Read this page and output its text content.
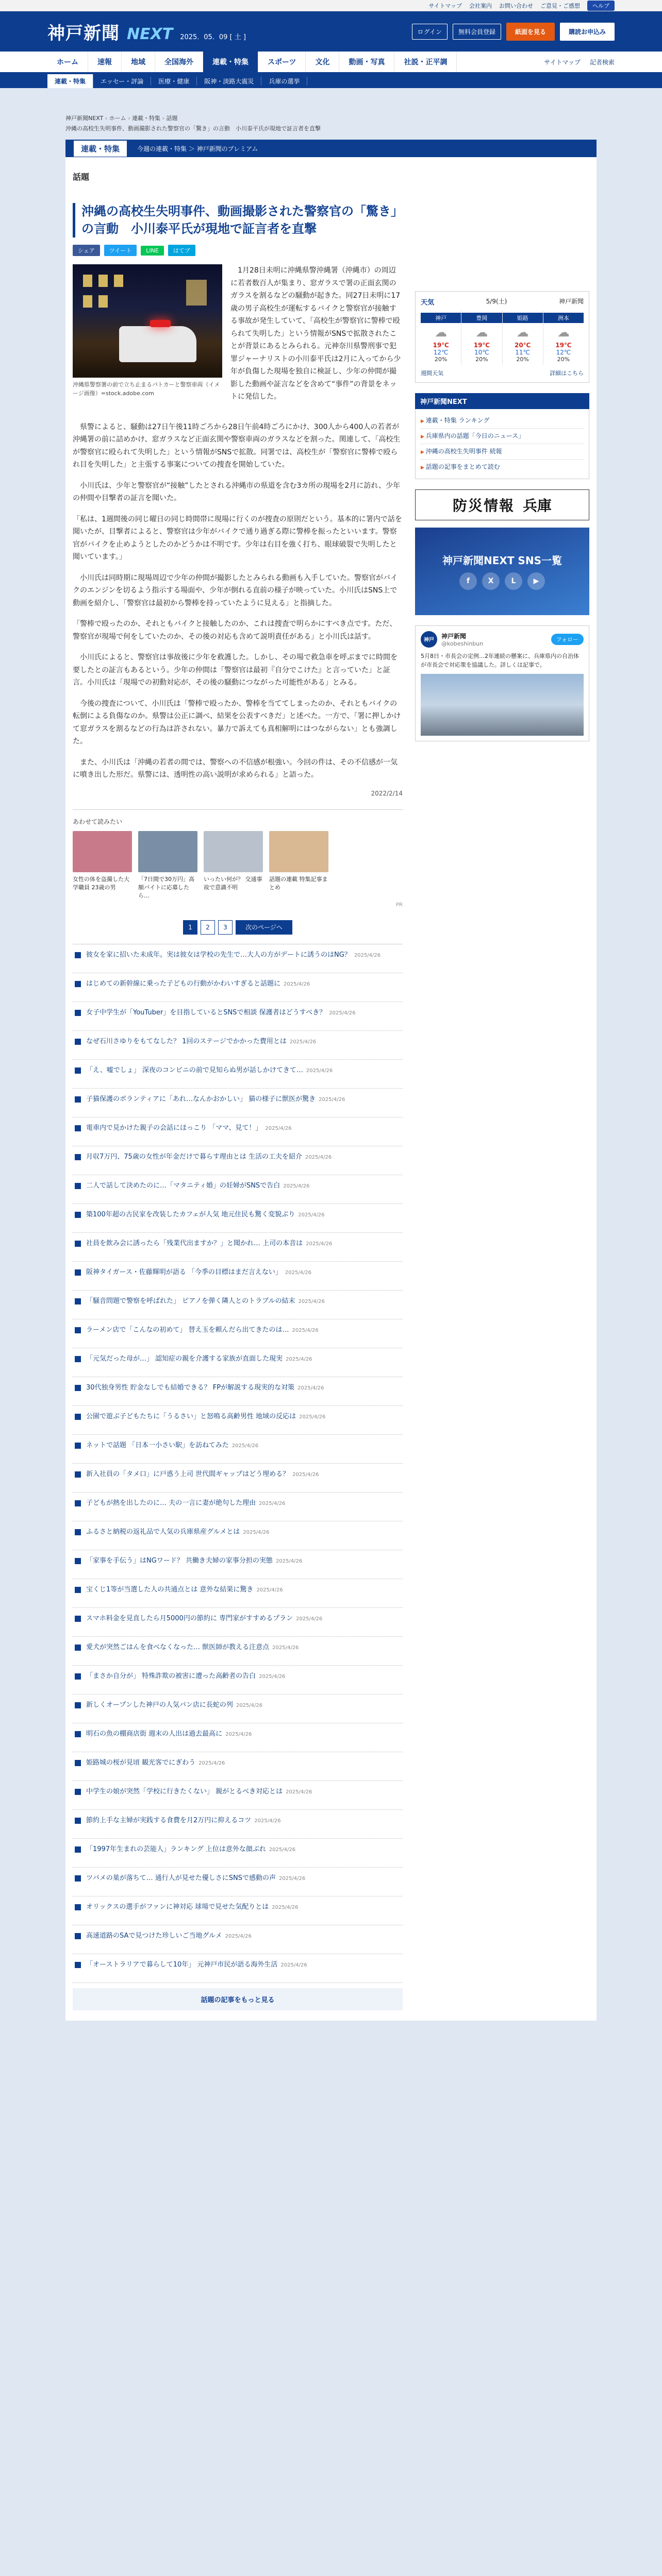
サイトマップ 会社案内 お問い合わせ ご意見・ご感想	ヘルプ
神戸新聞 NEXT 2025．05．09 [ 土 ]
ログイン	無料会員登録	紙面を見る	購読お申込み
ホーム	速報	地域	全国海外	連載・特集	スポーツ	文化	動画・写真	社説・正平調	サイトマップ 記者検索
連載・特集	エッセー・評論	医療・健康	阪神・淡路大震災	兵庫の選挙
神戸新聞NEXT › ホーム › 連載・特集 › 話題
沖縄の高校生失明事件、動画撮影された警察官の「驚き」の言動　小川泰平氏が現地で証言者を直撃
連載・特集	今週の連載・特集 ＞ 神戸新聞のプレミアム
話題
沖縄の高校生失明事件、動画撮影された警察官の「驚き」の言動　小川泰平氏が現地で証言者を直撃
シェア	ツイート	LINE	はてブ
沖縄県警察署の前で立ち止まるパトカーと警察車両（イメージ画像）=stock.adobe.com

1月28日未明に沖縄県警沖縄署（沖縄市）の周辺に若者数百人が集まり、窓ガラスで署の正面玄関のガラスを割るなどの騒動が起きた。同27日未明に17歳の男子高校生が運転するバイクと警察官が接触する事故が発生していて、「高校生が警察官に警棒で殴られて失明した」という情報がSNSで拡散されたことが背景にあるとみられる。元神奈川県警刑事で犯罪ジャーナリストの小川泰平氏は2月に入ってから少年が負傷した現場を独自に検証し、少年の仲間が撮影した動画や証言などを含めて“事件”の背景をネットに発信した。

県警によると、騒動は27日午後11時ごろから28日午前4時ごろにかけ、300人から400人の若者が沖縄署の前に詰めかけ、窓ガラスなど正面玄関や警察車両のガラスなどを割った。関連して、「高校生が警察官に殴られて失明した」という情報がSNSで拡散。同署では、高校生が「警察官に警棒で殴られ目を失明した」と主張する事案についての捜査を開始していた。

小川氏は、少年と警察官が“接触”したとされる沖縄市の県道を含む3カ所の現場を2月に訪れ、少年の仲間や目撃者の証言を聞いた。

「私は、1週間後の同じ曜日の同じ時間帯に現場に行くのが捜査の原則だという。基本的に署内で話を聞いたが、目撃者によると、警察官は少年がバイクで通り過ぎる際に警棒を振ったといいます。警察官がバイクを止めようとしたのかどうかは不明です。少年は右目を強く打ち、眼球破裂で失明したと聞いています。」

小川氏は同時期に現場周辺で少年の仲間が撮影したとみられる動画も入手していた。警察官がバイクのエンジンを切るよう指示する場面や、少年が倒れる直前の様子が映っていた。小川氏はSNS上で動画を紹介し、「警察官は最初から警棒を持っていたように見える」と指摘した。

「警棒で殴ったのか、それともバイクと接触したのか、これは捜査で明らかにすべき点です。ただ、警察官が現場で何をしていたのか、その後の対応も含めて説明責任がある」と小川氏は話す。

小川氏によると、警察官は事故後に少年を救護した。しかし、その場で救急車を呼ぶまでに時間を要したとの証言もあるという。少年の仲間は「警察官は最初『自分でこけた』と言っていた」と証言。小川氏は「現場での初動対応が、その後の騒動につながった可能性がある」とみる。

今後の捜査について、小川氏は「警棒で殴ったか、警棒を当ててしまったのか、それともバイクの転倒による負傷なのか。県警は公正に調べ、結果を公表すべきだ」と述べた。一方で、「署に押しかけて窓ガラスを割るなどの行為は許されない。暴力で訴えても真相解明にはつながらない」とも強調した。

また、小川氏は「沖縄の若者の間では、警察への不信感が根強い。今回の件は、その不信感が一気に噴き出した形だ。県警には、透明性の高い説明が求められる」と語った。

2022/2/14
あわせて読みたい
女性の体を盗撮した大学職員 23歳の男
「7日間で30万円」高額バイトに応募したら…
いったい何が？ 交通事故で意識不明
話題の連載 特集記事まとめ
PR
1	2	3	次のページへ
彼女を家に招いた未成年。実は彼女は学校の先生で…大人の方がデートに誘うのはNG？ 2025/4/26
はじめての新幹線に乗った子どもの行動がかわいすぎると話題に 2025/4/26
女子中学生が「YouTuber」を目指しているとSNSで相談 保護者はどうすべき？ 2025/4/26
なぜ石川さゆりをもてなした？ 1回のステージでかかった費用とは 2025/4/26
「え、嘘でしょ」 深夜のコンビニの前で見知らぬ男が話しかけてきて… 2025/4/26
子猫保護のボランティアに「あれ…なんかおかしい」 猫の様子に獣医が驚き 2025/4/26
電車内で見かけた親子の会話にほっこり 「ママ、見て！」 2025/4/26
月収7万円、75歳の女性が年金だけで暮らす理由とは 生活の工夫を紹介 2025/4/26
二人で話して決めたのに…「マタニティ婚」の妊婦がSNSで告白 2025/4/26
築100年超の古民家を改装したカフェが人気 地元住民も驚く変貌ぶり 2025/4/26
社員を飲み会に誘ったら「残業代出ますか？」と聞かれ… 上司の本音は 2025/4/26
阪神タイガース・佐藤輝明が語る 「今季の目標はまだ言えない」 2025/4/26
「騒音問題で警察を呼ばれた」 ピアノを弾く隣人とのトラブルの結末 2025/4/26
ラーメン店で「こんなの初めて」 替え玉を頼んだら出てきたのは… 2025/4/26
「元気だった母が…」 認知症の親を介護する家族が直面した現実 2025/4/26
30代独身男性 貯金なしでも結婚できる？ FPが解説する現実的な対策 2025/4/26
公園で遊ぶ子どもたちに「うるさい」と怒鳴る高齢男性 地域の反応は 2025/4/26
ネットで話題 「日本一小さい駅」を訪ねてみた 2025/4/26
新入社員の「タメ口」に戸惑う上司 世代間ギャップはどう埋める？ 2025/4/26
子どもが熱を出したのに… 夫の一言に妻が絶句した理由 2025/4/26
ふるさと納税の返礼品で人気の兵庫県産グルメとは 2025/4/26
「家事を手伝う」はNGワード？ 共働き夫婦の家事分担の実態 2025/4/26
宝くじ1等が当選した人の共通点とは 意外な結果に驚き 2025/4/26
スマホ料金を見直したら月5000円の節約に 専門家がすすめるプラン 2025/4/26
愛犬が突然ごはんを食べなくなった… 獣医師が教える注意点 2025/4/26
「まさか自分が」 特殊詐欺の被害に遭った高齢者の告白 2025/4/26
新しくオープンした神戸の人気パン店に長蛇の列 2025/4/26
明石の魚の棚商店街 週末の人出は過去最高に 2025/4/26
姫路城の桜が見頃 観光客でにぎわう 2025/4/26
中学生の娘が突然「学校に行きたくない」 親がとるべき対応とは 2025/4/26
節約上手な主婦が実践する食費を月2万円に抑えるコツ 2025/4/26
「1997年生まれの芸能人」ランキング 上位は意外な顔ぶれ 2025/4/26
ツバメの巣が落ちて… 通行人が見せた優しさにSNSで感動の声 2025/4/26
オリックスの選手がファンに神対応 球場で見せた気配りとは 2025/4/26
高速道路のSAで見つけた珍しいご当地グルメ 2025/4/26
「オーストラリアで暮らして10年」 元神戸市民が語る海外生活 2025/4/26
話題の記事をもっと見る
天気	5/9(土)	神戸新聞
神戸
☁
19℃
12℃
20%
豊岡
☁
19℃
10℃
20%
姫路
☁
20℃
11℃
20%
洲本
☁
19℃
12℃
20%
週間天気	詳細はこちら
神戸新聞NEXT
▶ 連載・特集 ランキング
▶ 兵庫県内の話題「今日のニュース」
▶ 沖縄の高校生失明事件 続報
▶ 話題の記事をまとめて読む
防災情報 兵庫
神戸新聞NEXT SNS一覧
f	X	L	▶
神戸
神戸新聞
@kobeshinbun
フォロー
5月8日・市長会の定例…2年連続の懸案に、兵庫県内の自治体が市長会で対応策を協議した。詳しくは記事で。
